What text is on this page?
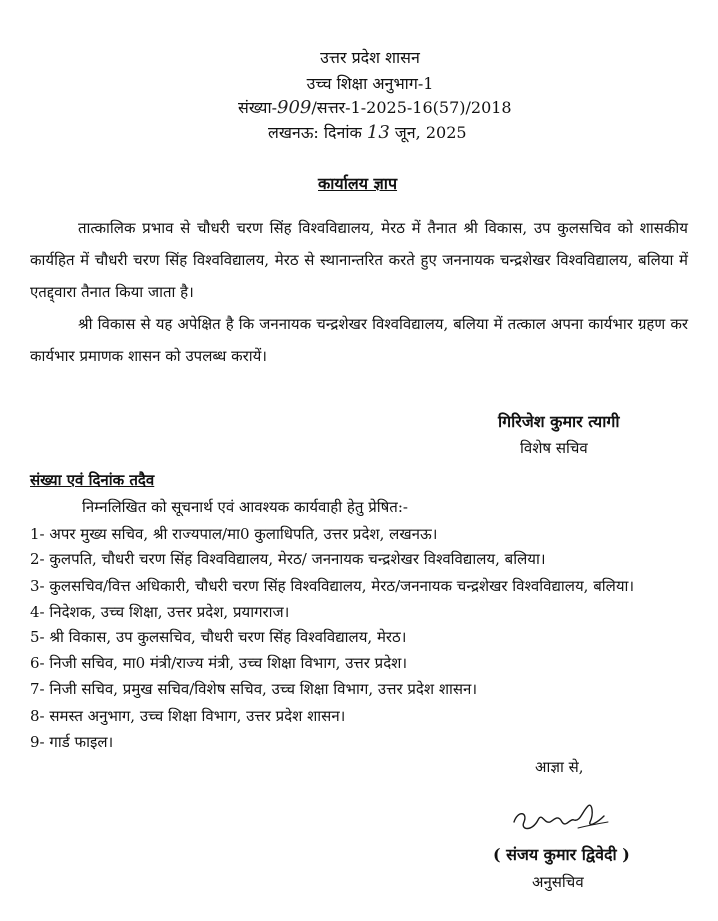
उत्तर प्रदेश शासन
उच्च शिक्षा अनुभाग-1
संख्या-909/सत्तर-1-2025-16(57)/2018
लखनऊ: दिनांक 13 जून, 2025
कार्यालय ज्ञाप
तात्कालिक प्रभाव से चौधरी चरण सिंह विश्वविद्यालय, मेरठ में तैनात श्री विकास, उप कुलसचिव को शासकीय कार्यहित में चौधरी चरण सिंह विश्वविद्यालय, मेरठ से स्थानान्तरित करते हुए जननायक चन्द्रशेखर विश्वविद्यालय, बलिया में एतद्द्वारा तैनात किया जाता है।
श्री विकास से यह अपेक्षित है कि जननायक चन्द्रशेखर विश्वविद्यालय, बलिया में तत्काल अपना कार्यभार ग्रहण कर कार्यभार प्रमाणक शासन को उपलब्ध करायें।
गिरिजेश कुमार त्यागी
विशेष सचिव
संख्या एवं दिनांक तदैव
निम्नलिखित को सूचनार्थ एवं आवश्यक कार्यवाही हेतु प्रेषित:-
1- अपर मुख्य सचिव, श्री राज्यपाल/मा0 कुलाधिपति, उत्तर प्रदेश, लखनऊ।
2- कुलपति, चौधरी चरण सिंह विश्वविद्यालय, मेरठ/ जननायक चन्द्रशेखर विश्वविद्यालय, बलिया।
3- कुलसचिव/वित्त अधिकारी, चौधरी चरण सिंह विश्वविद्यालय, मेरठ/जननायक चन्द्रशेखर विश्वविद्यालय, बलिया।
4- निदेशक, उच्च शिक्षा, उत्तर प्रदेश, प्रयागराज।
5- श्री विकास, उप कुलसचिव, चौधरी चरण सिंह विश्वविद्यालय, मेरठ।
6- निजी सचिव, मा0 मंत्री/राज्य मंत्री, उच्च शिक्षा विभाग, उत्तर प्रदेश।
7- निजी सचिव, प्रमुख सचिव/विशेष सचिव, उच्च शिक्षा विभाग, उत्तर प्रदेश शासन।
8- समस्त अनुभाग, उच्च शिक्षा विभाग, उत्तर प्रदेश शासन।
9- गार्ड फाइल।
आज्ञा से,
( संजय कुमार द्विवेदी )
अनुसचिव
